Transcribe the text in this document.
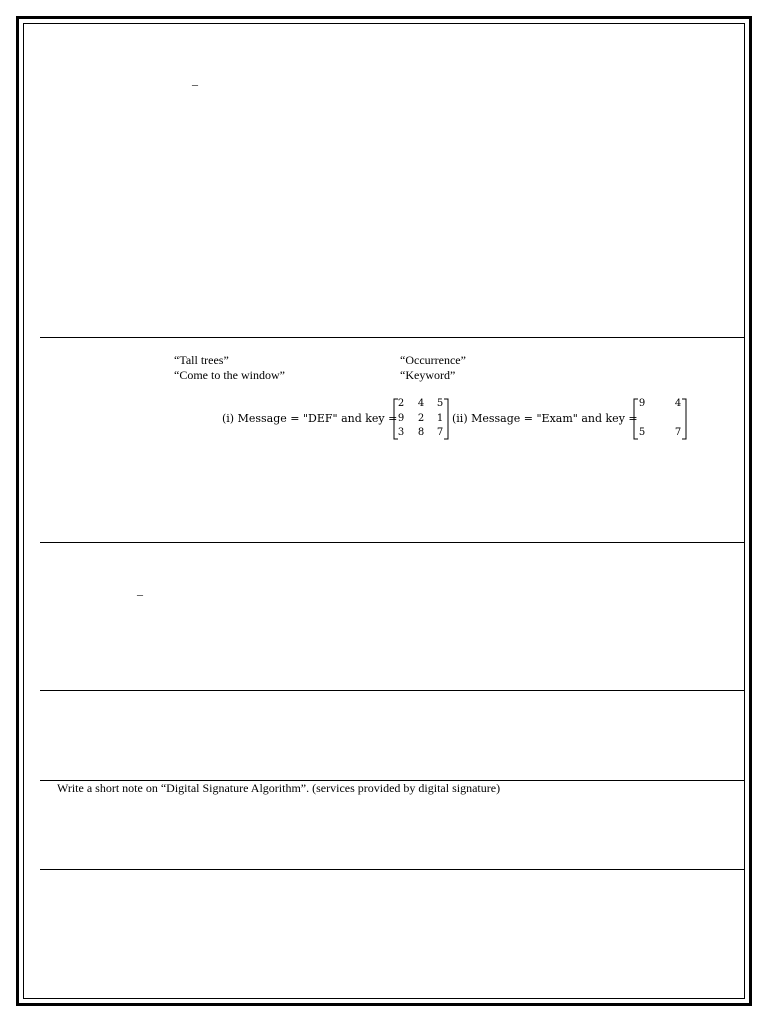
–
“Tall trees”
“Come to the window”
“Occurrence”
“Keyword”
(i) Message = "DEF" and key =
2 4 5
9 2 1
3 8 7
(ii) Message = "Exam" and key =
9	4
5	7
–
Write a short note on “Digital Signature Algorithm”. (services provided by digital signature)
